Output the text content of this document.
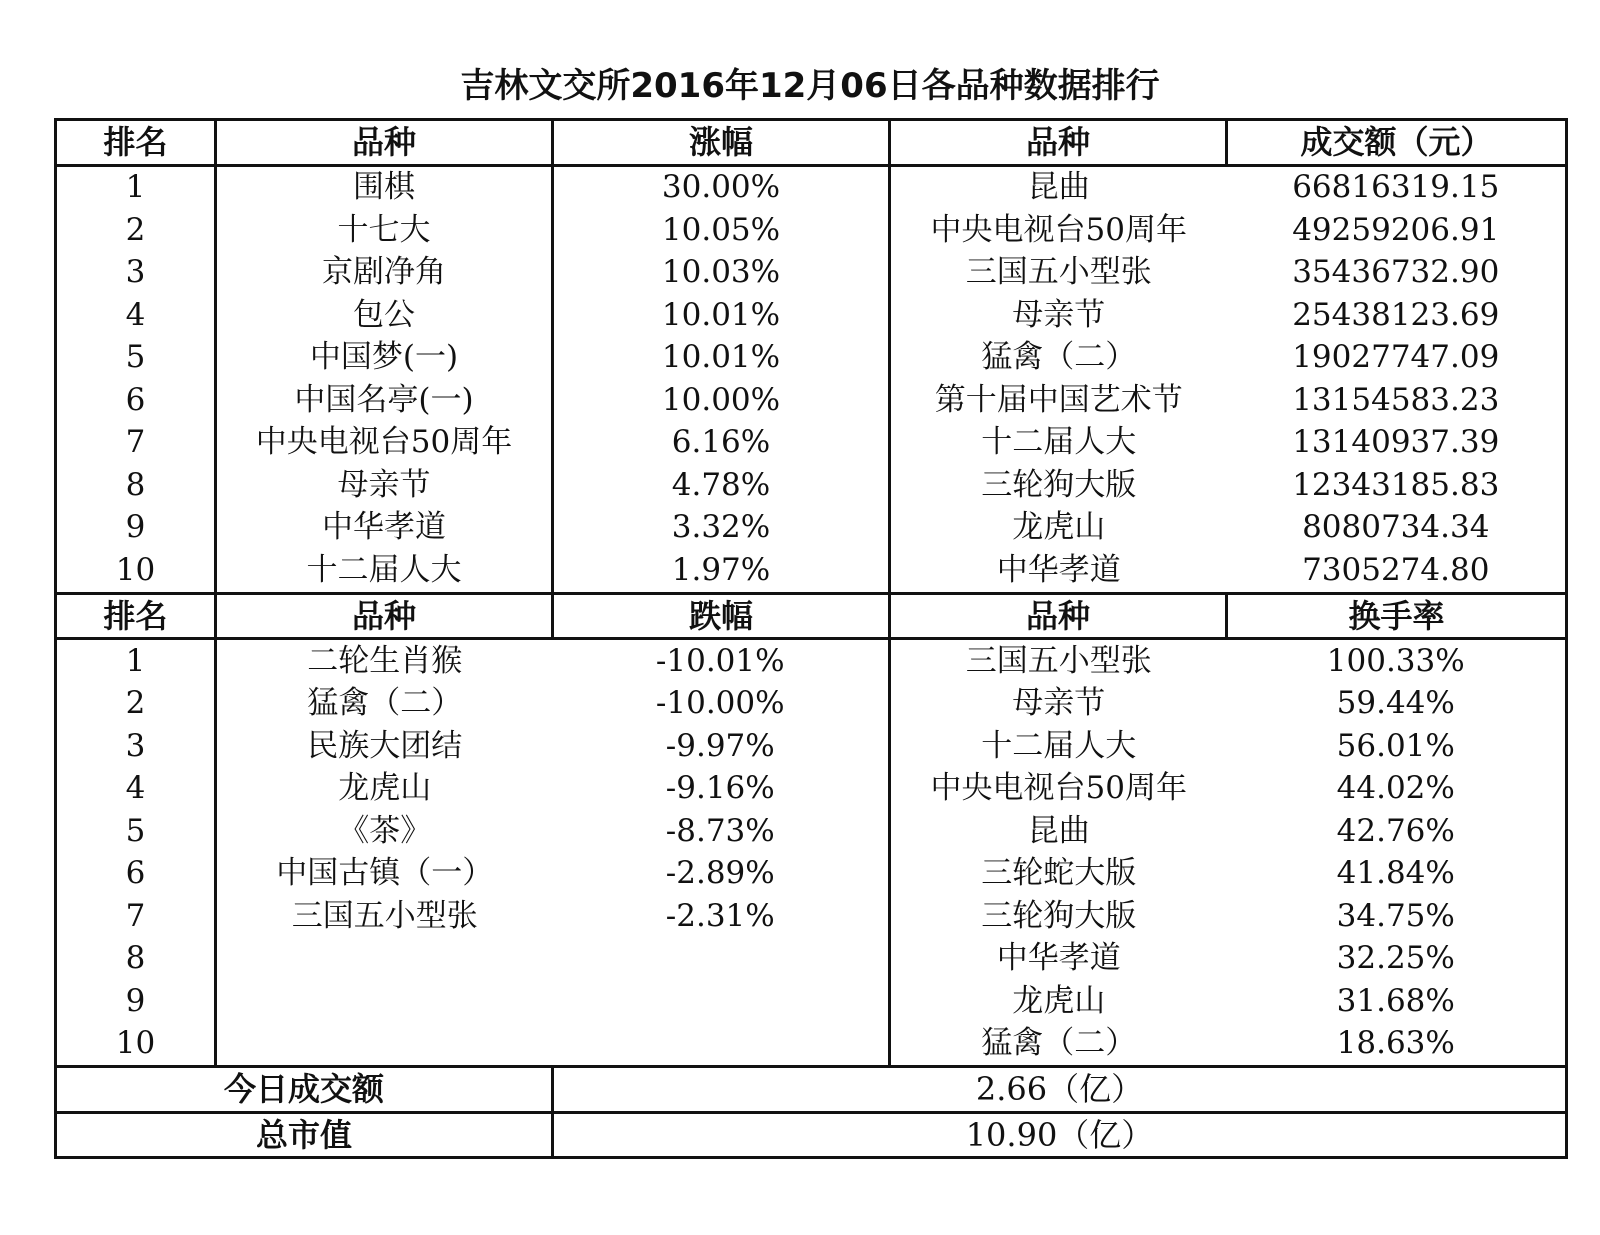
吉林文交所2016年12月06日各品种数据排行
排名	品种	涨幅	品种	成交额（元）
1	围棋	30.00%	昆曲	66816319.15
2	十七大	10.05%	中央电视台50周年	49259206.91
3	京剧净角	10.03%	三国五小型张	35436732.90
4	包公	10.01%	母亲节	25438123.69
5	中国梦(一)	10.01%	猛禽（二）	19027747.09
6	中国名亭(一)	10.00%	第十届中国艺术节	13154583.23
7	中央电视台50周年	6.16%	十二届人大	13140937.39
8	母亲节	4.78%	三轮狗大版	12343185.83
9	中华孝道	3.32%	龙虎山	8080734.34
10	十二届人大	1.97%	中华孝道	7305274.80
排名	品种	跌幅	品种	换手率
1	二轮生肖猴	-10.01%	三国五小型张	100.33%
2	猛禽（二）	-10.00%	母亲节	59.44%
3	民族大团结	-9.97%	十二届人大	56.01%
4	龙虎山	-9.16%	中央电视台50周年	44.02%
5	《茶》	-8.73%	昆曲	42.76%
6	中国古镇（一）	-2.89%	三轮蛇大版	41.84%
7	三国五小型张	-2.31%	三轮狗大版	34.75%
8			中华孝道	32.25%
9			龙虎山	31.68%
10			猛禽（二）	18.63%
今日成交额		2.66（亿）		
总市值		10.90（亿）		
